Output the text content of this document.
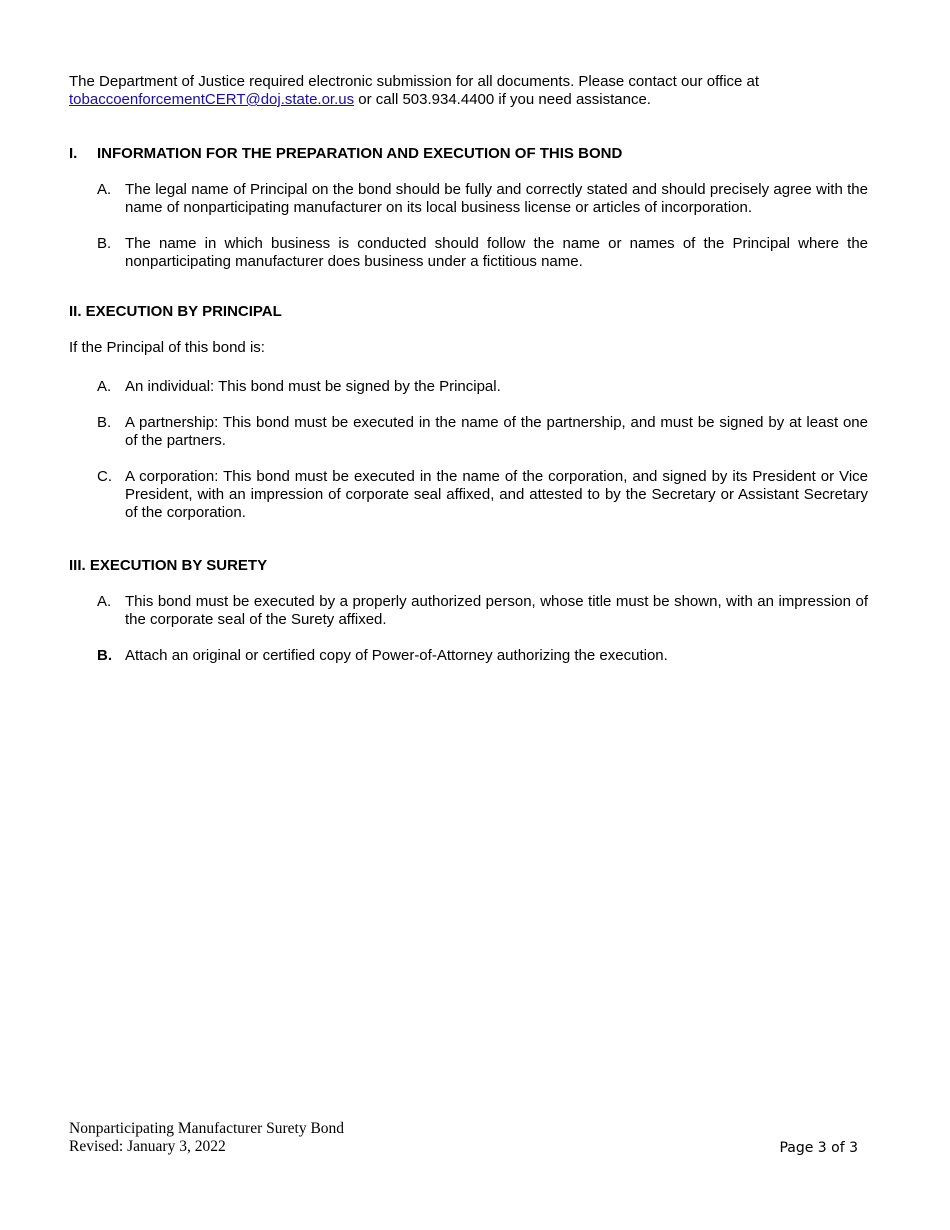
The Department of Justice required electronic submission for all documents. Please contact our office at
tobaccoenforcementCERT@doj.state.or.us or call 503.934.4400 if you need assistance.

I. INFORMATION FOR THE PREPARATION AND EXECUTION OF THIS BOND

A. The legal name of Principal on the bond should be fully and correctly stated and should precisely agree with the name of nonparticipating manufacturer on its local business license or articles of incorporation.
B. The name in which business is conducted should follow the name or names of the Principal where the nonparticipating manufacturer does business under a fictitious name.

II. EXECUTION BY PRINCIPAL

If the Principal of this bond is:

A. An individual: This bond must be signed by the Principal.
B. A partnership: This bond must be executed in the name of the partnership, and must be signed by at least one of the partners.
C. A corporation: This bond must be executed in the name of the corporation, and signed by its President or Vice President, with an impression of corporate seal affixed, and attested to by the Secretary or Assistant Secretary of the corporation.

III. EXECUTION BY SURETY

A. This bond must be executed by a properly authorized person, whose title must be shown, with an impression of the corporate seal of the Surety affixed.
B. Attach an original or certified copy of Power-of-Attorney authorizing the execution.
Nonparticipating Manufacturer Surety Bond
Revised: January 3, 2022	Page 3 of 3
